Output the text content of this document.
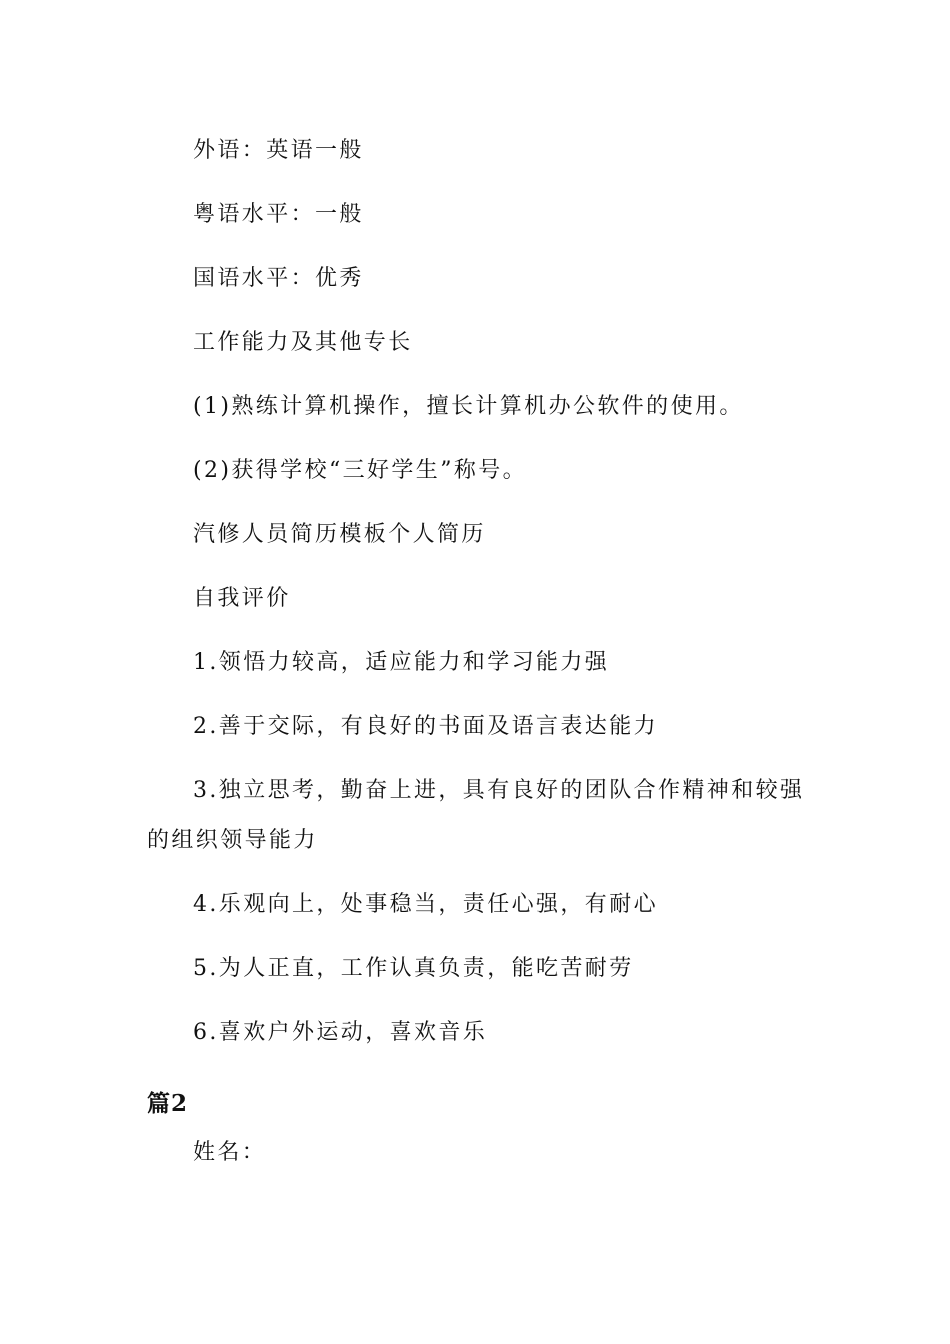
外语：英语一般
粤语水平：一般
国语水平：优秀
工作能力及其他专长
(1)熟练计算机操作，擅长计算机办公软件的使用。
(2)获得学校“三好学生”称号。
汽修人员简历模板个人简历
自我评价
1.领悟力较高，适应能力和学习能力强
2.善于交际，有良好的书面及语言表达能力
3.独立思考，勤奋上进，具有良好的团队合作精神和较强
的组织领导能力
4.乐观向上，处事稳当，责任心强，有耐心
5.为人正直，工作认真负责，能吃苦耐劳
6.喜欢户外运动，喜欢音乐
篇2
姓名：
